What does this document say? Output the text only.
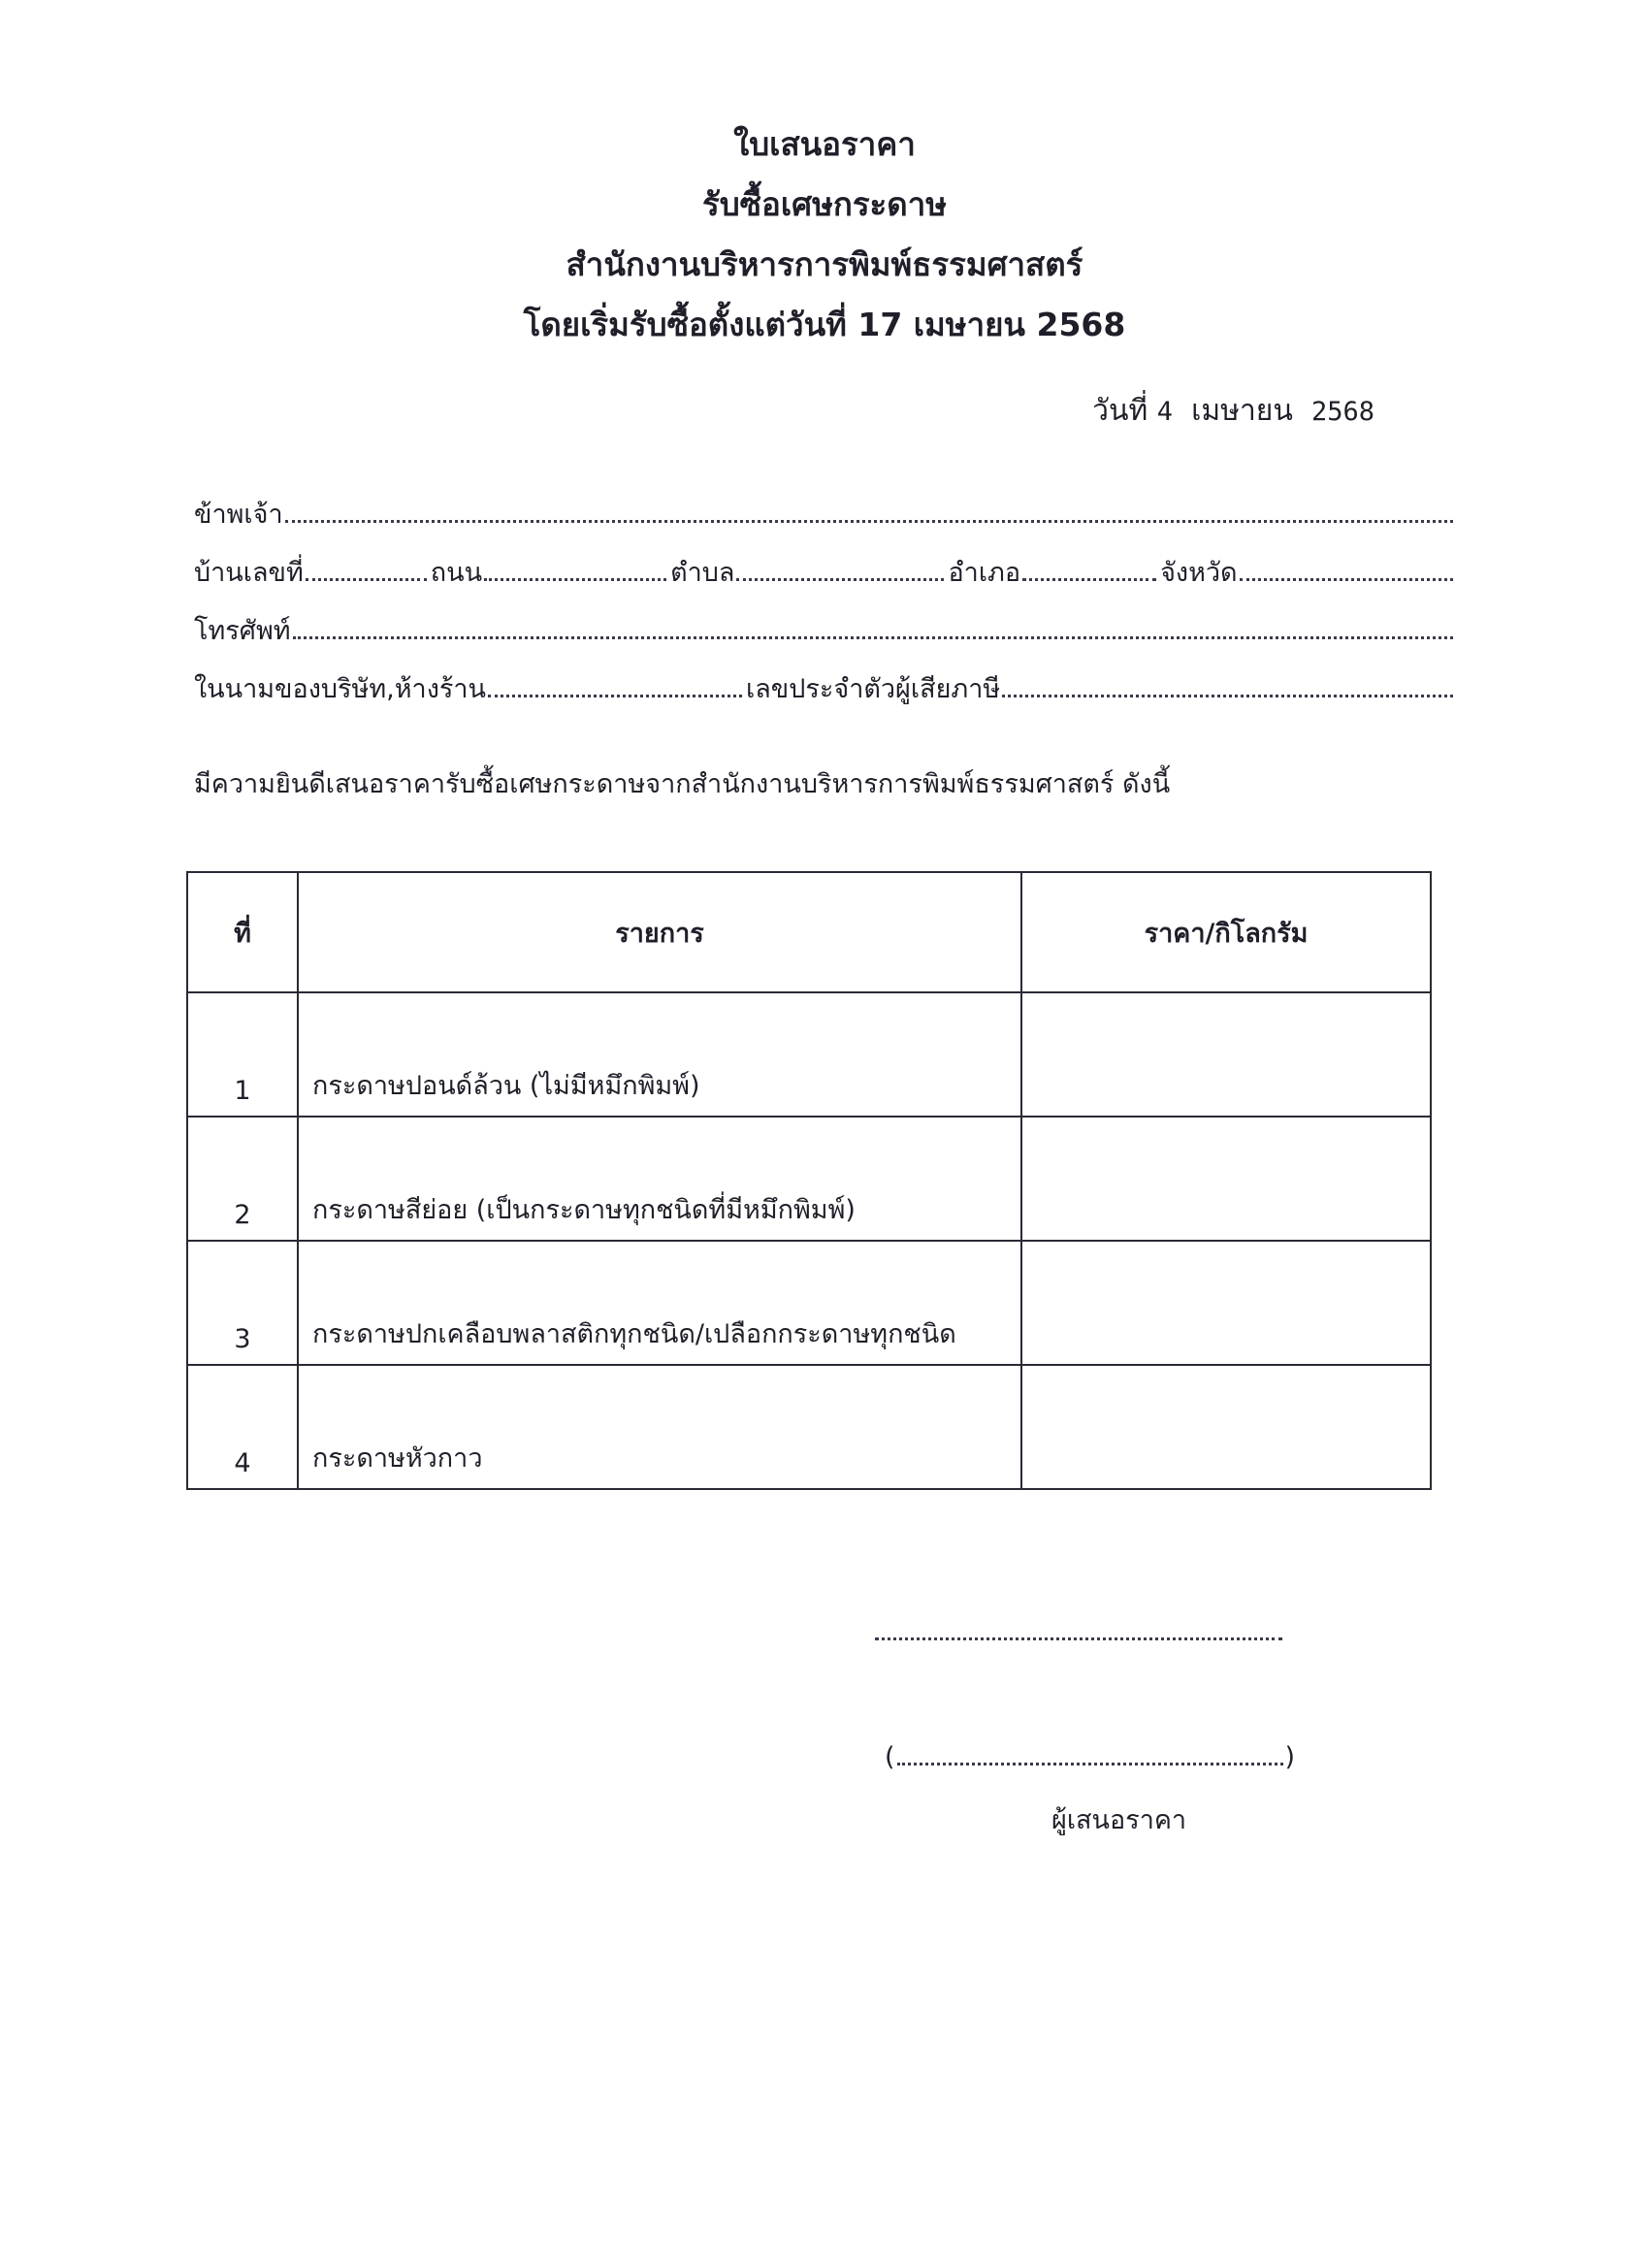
ใบเสนอราคา
รับซื้อเศษกระดาษ
สำนักงานบริหารการพิมพ์ธรรมศาสตร์
โดยเริ่มรับซื้อตั้งแต่วันที่ 17 เมษายน 2568
วันที่ 4 เมษายน 2568
ข้าพเจ้า
บ้านเลขที่	ถนน	ตำบล	อำเภอ	จังหวัด
โทรศัพท์
ในนามของบริษัท,ห้างร้าน	เลขประจำตัวผู้เสียภาษี
มีความยินดีเสนอราคารับซื้อเศษกระดาษจากสำนักงานบริหารการพิมพ์ธรรมศาสตร์ ดังนี้
ที่	รายการ	ราคา/กิโลกรัม
1	กระดาษปอนด์ล้วน (ไม่มีหมึกพิมพ์)	
2	กระดาษสีย่อย (เป็นกระดาษทุกชนิดที่มีหมึกพิมพ์)	
3	กระดาษปกเคลือบพลาสติกทุกชนิด/เปลือกกระดาษทุกชนิด	
4	กระดาษหัวกาว	
(	)
ผู้เสนอราคา
